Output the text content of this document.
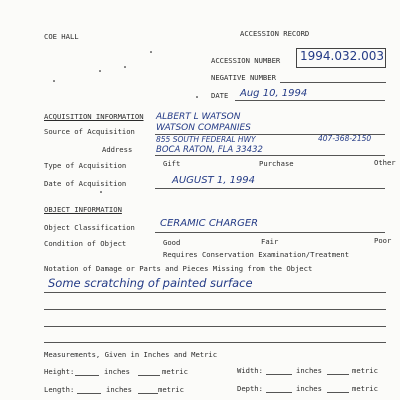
COE HALL	ACCESSION RECORD
ACCESSION NUMBER 1994.032.003
NEGATIVE NUMBER
DATE Aug 10, 1994
ACQUISITION INFORMATION
Source of Acquisition
ALBERT L WATSON
WATSON COMPANIES
Address
855 SOUTH FEDERAL HWY	407-368-2150
BOCA RATON, FLA 33432
Type of Acquisition	Gift	Purchase	Other
Date of Acquisition	AUGUST 1, 1994
OBJECT INFORMATION
Object Classification	CERAMIC CHARGER
Condition of Object	Good	Fair	Poor
Requires Conservation Examination/Treatment
Notation of Damage or Parts and Pieces Missing from the Object
Some scratching of painted surface
Measurements, Given in Inches and Metric
Height:	inches	metric	Width:	inches	metric
Length:	inches	metric	Depth:	inches	metric
